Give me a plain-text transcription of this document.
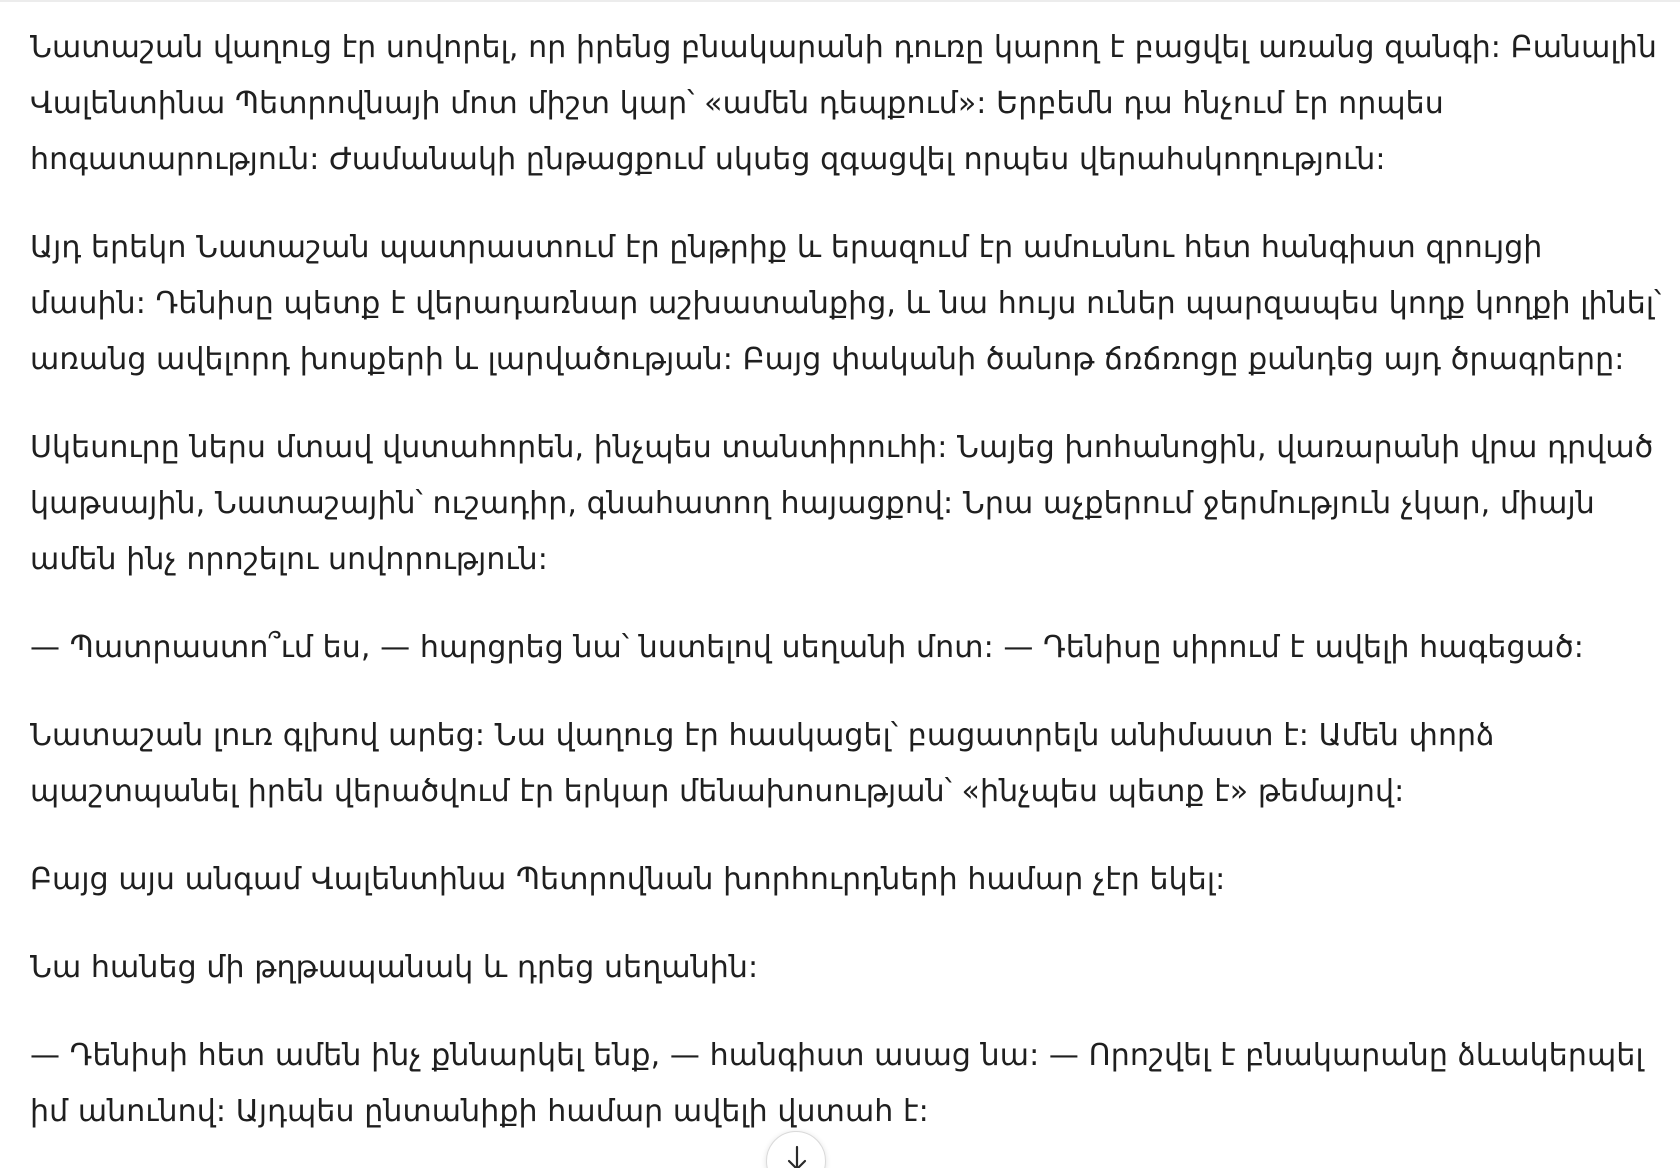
Նատաշան վաղուց էր սովորել, որ իրենց բնակարանի դուռը կարող է բացվել առանց զանգի: Բանալին
Վալենտինա Պետրովնայի մոտ միշտ կար՝ «ամեն դեպքում»: Երբեմն դա հնչում էր որպես
հոգատարություն: Ժամանակի ընթացքում սկսեց զգացվել որպես վերահսկողություն:

Այդ երեկո Նատաշան պատրաստում էր ընթրիք և երազում էր ամուսնու հետ հանգիստ զրույցի
մասին: Դենիսը պետք է վերադառնար աշխատանքից, և նա հույս ուներ պարզապես կողք կողքի լինել՝
առանց ավելորդ խոսքերի և լարվածության: Բայց փականի ծանոթ ճռճռոցը քանդեց այդ ծրագրերը:

Սկեսուրը ներս մտավ վստահորեն, ինչպես տանտիրուհի: Նայեց խոհանոցին, վառարանի վրա դրված
կաթսային, Նատաշային՝ ուշադիր, գնահատող հայացքով: Նրա աչքերում ջերմություն չկար, միայն
ամեն ինչ որոշելու սովորություն:

— Պատրաստո՞ւմ ես, — հարցրեց նա՝ նստելով սեղանի մոտ: — Դենիսը սիրում է ավելի հագեցած:

Նատաշան լուռ գլխով արեց: Նա վաղուց էր հասկացել՝ բացատրելն անիմաստ է: Ամեն փորձ
պաշտպանել իրեն վերածվում էր երկար մենախոսության՝ «ինչպես պետք է» թեմայով:

Բայց այս անգամ Վալենտինա Պետրովնան խորհուրդների համար չէր եկել:

Նա հանեց մի թղթապանակ և դրեց սեղանին:

— Դենիսի հետ ամեն ինչ քննարկել ենք, — հանգիստ ասաց նա: — Որոշվել է բնակարանը ձևակերպել
իմ անունով: Այդպես ընտանիքի համար ավելի վստահ է:
